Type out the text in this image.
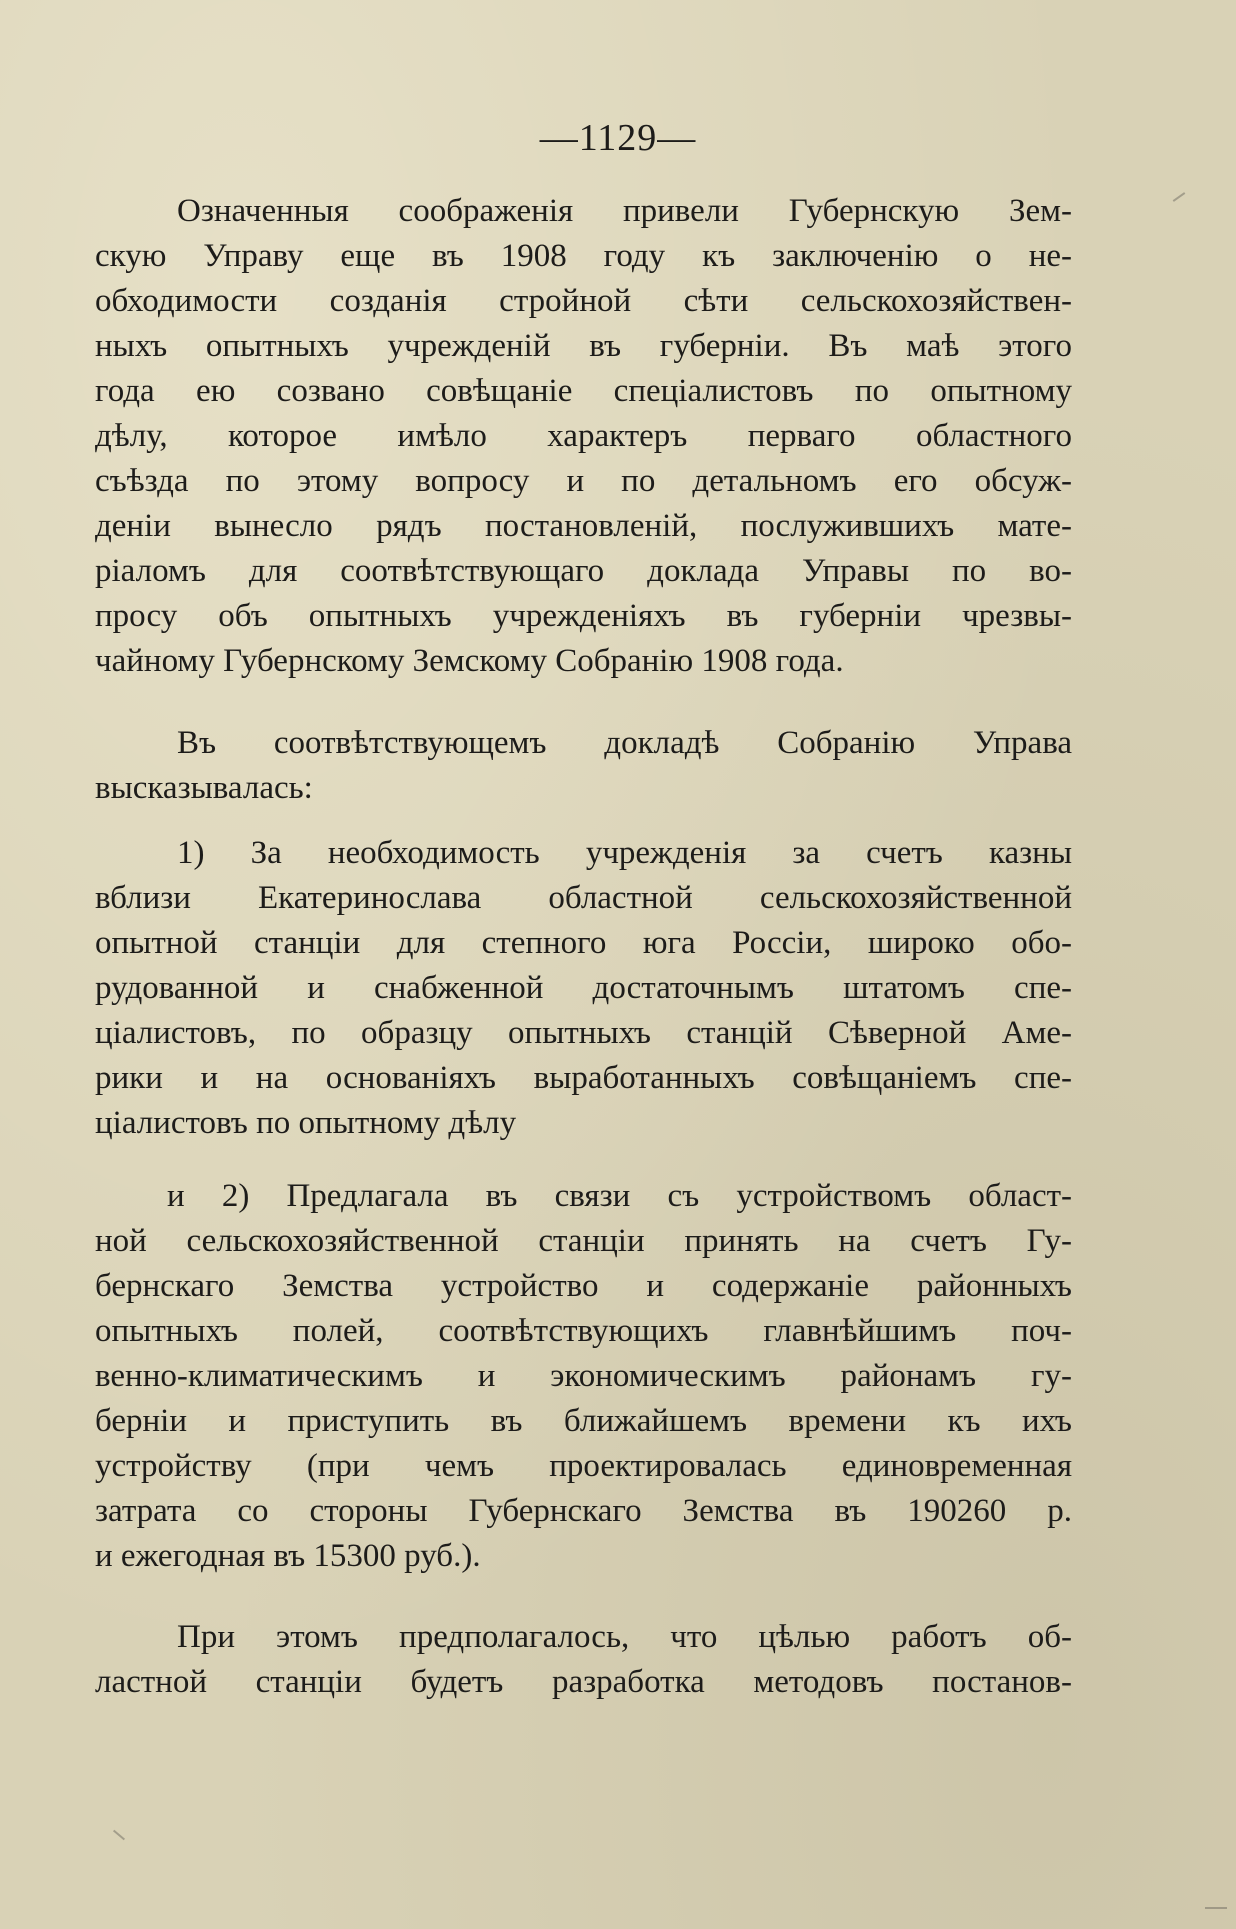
—1129—
Означенныя соображенія привели Губернскую Зем-
скую Управу еще въ 1908 году къ заключенію о не-
обходимости созданія стройной сѣти сельскохозяйствен-
ныхъ опытныхъ учрежденій въ губерніи. Въ маѣ этого
года ею созвано совѣщаніе спеціалистовъ по опытному
дѣлу, которое имѣло характеръ перваго областного
съѣзда по этому вопросу и по детальномъ его обсуж-
деніи вынесло рядъ постановленій, послужившихъ мате-
ріаломъ для соотвѣтствующаго доклада Управы по во-
просу объ опытныхъ учрежденіяхъ въ губерніи чрезвы-
чайному Губернскому Земскому Собранію 1908 года.
Въ соотвѣтствующемъ докладѣ Собранію Управа
высказывалась:
1) За необходимость учрежденія за счетъ казны
вблизи Екатеринослава областной сельскохозяйственной
опытной станціи для степного юга Россіи, широко обо-
рудованной и снабженной достаточнымъ штатомъ спе-
ціалистовъ, по образцу опытныхъ станцій Сѣверной Аме-
рики и на основаніяхъ выработанныхъ совѣщаніемъ спе-
ціалистовъ по опытному дѣлу
и 2) Предлагала въ связи съ устройствомъ област-
ной сельскохозяйственной станціи принять на счетъ Гу-
бернскаго Земства устройство и содержаніе районныхъ
опытныхъ полей, соотвѣтствующихъ главнѣйшимъ поч-
венно-климатическимъ и экономическимъ районамъ гу-
берніи и приступить въ ближайшемъ времени къ ихъ
устройству (при чемъ проектировалась единовременная
затрата со стороны Губернскаго Земства въ 190260 р.
и ежегодная въ 15300 руб.).
При этомъ предполагалось, что цѣлью работъ об-
ластной станціи будетъ разработка методовъ постанов-
